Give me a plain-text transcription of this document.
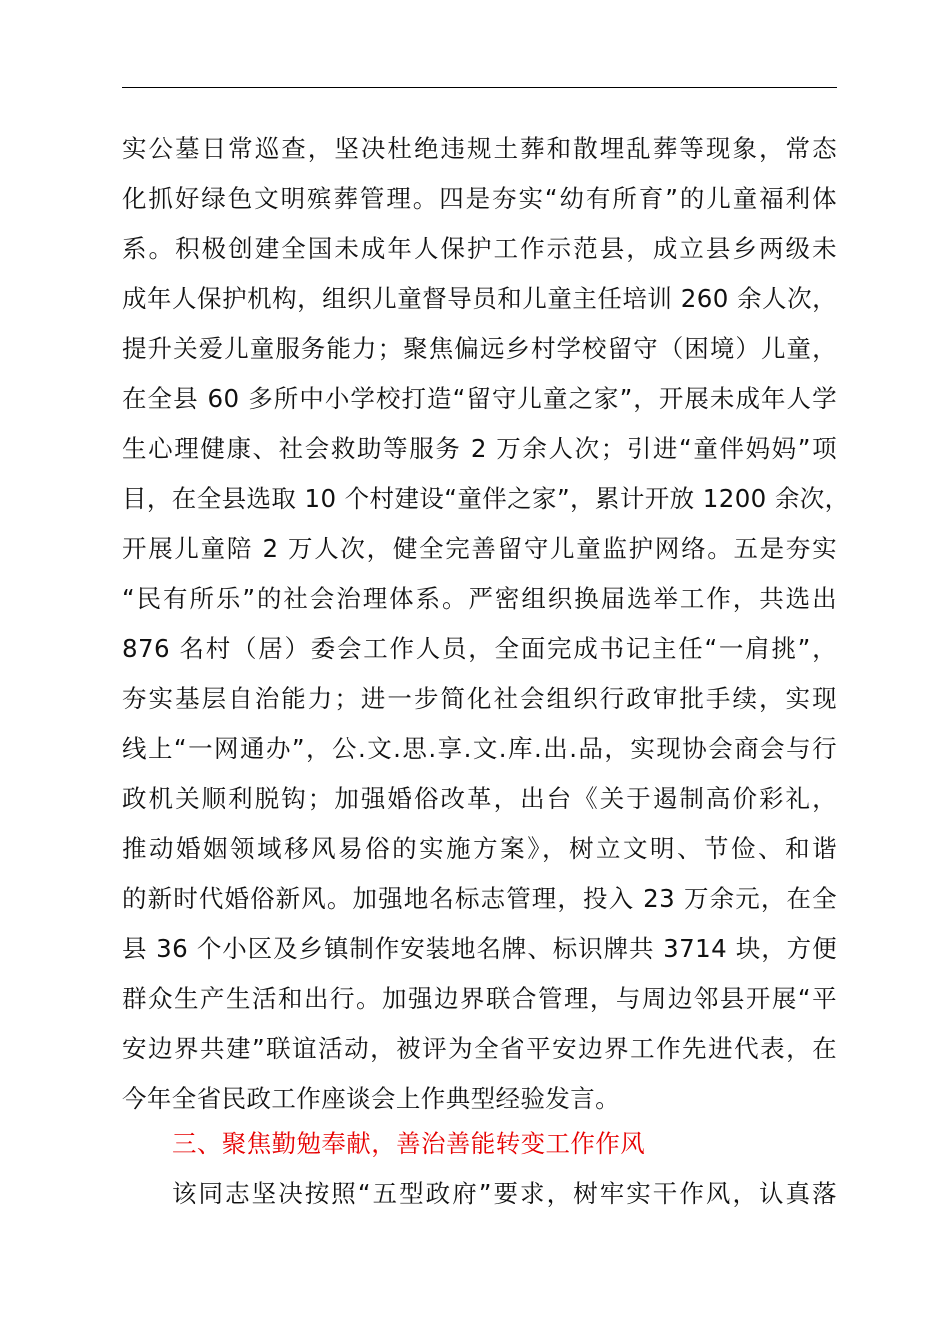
实公墓日常巡查，坚决杜绝违规土葬和散埋乱葬等现象，常态
化抓好绿色文明殡葬管理。四是夯实“幼有所育”的儿童福利体
系。积极创建全国未成年人保护工作示范县，成立县乡两级未
成年人保护机构，组织儿童督导员和儿童主任培训 260 余人次，
提升关爱儿童服务能力；聚焦偏远乡村学校留守（困境）儿童，
在全县 60 多所中小学校打造“留守儿童之家”，开展未成年人学
生心理健康、社会救助等服务 2 万余人次；引进“童伴妈妈”项
目，在全县选取 10 个村建设“童伴之家”，累计开放 1200 余次，
开展儿童陪 2 万人次，健全完善留守儿童监护网络。五是夯实
“民有所乐”的社会治理体系。严密组织换届选举工作，共选出
876 名村（居）委会工作人员，全面完成书记主任“一肩挑”，
夯实基层自治能力；进一步简化社会组织行政审批手续，实现
线上“一网通办”，公.文.思.享.文.库.出.品，实现协会商会与行
政机关顺利脱钩；加强婚俗改革，出台《关于遏制高价彩礼，
推动婚姻领域移风易俗的实施方案》，树立文明、节俭、和谐
的新时代婚俗新风。加强地名标志管理，投入 23 万余元，在全
县 36 个小区及乡镇制作安装地名牌、标识牌共 3714 块，方便
群众生产生活和出行。加强边界联合管理，与周边邻县开展“平
安边界共建”联谊活动，被评为全省平安边界工作先进代表，在
今年全省民政工作座谈会上作典型经验发言。
三、聚焦勤勉奉献，善治善能转变工作作风
该同志坚决按照“五型政府”要求，树牢实干作风，认真落
